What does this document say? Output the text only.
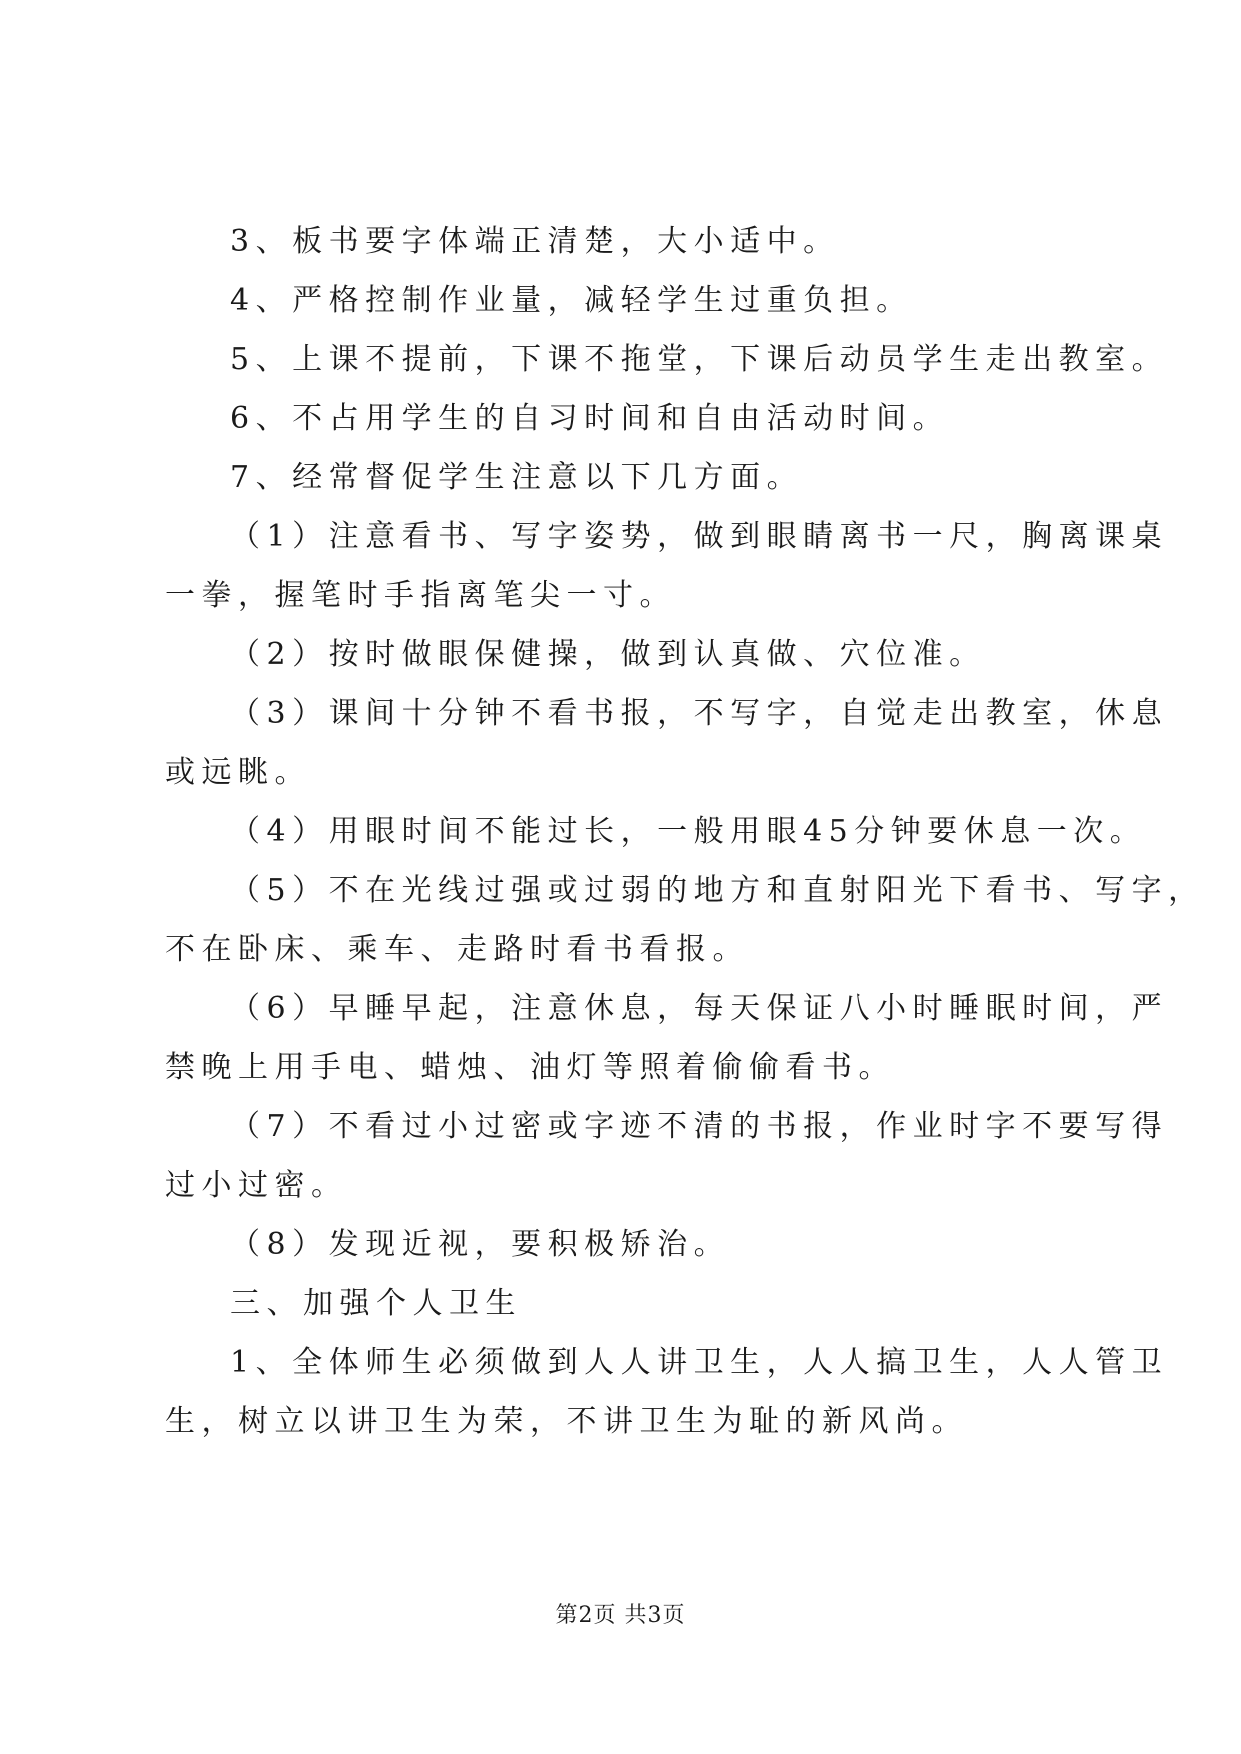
3、板书要字体端正清楚，大小适中。
4、严格控制作业量，减轻学生过重负担。
5、上课不提前，下课不拖堂，下课后动员学生走出教室。
6、不占用学生的自习时间和自由活动时间。
7、经常督促学生注意以下几方面。
（1）注意看书、写字姿势，做到眼睛离书一尺，胸离课桌
一拳，握笔时手指离笔尖一寸。
（2）按时做眼保健操，做到认真做、穴位准。
（3）课间十分钟不看书报，不写字，自觉走出教室，休息
或远眺。
（4）用眼时间不能过长，一般用眼45分钟要休息一次。
（5）不在光线过强或过弱的地方和直射阳光下看书、写字，
不在卧床、乘车、走路时看书看报。
（6）早睡早起，注意休息，每天保证八小时睡眠时间，严
禁晚上用手电、蜡烛、油灯等照着偷偷看书。
（7）不看过小过密或字迹不清的书报，作业时字不要写得
过小过密。
（8）发现近视，要积极矫治。
三、加强个人卫生
1、全体师生必须做到人人讲卫生，人人搞卫生，人人管卫
生，树立以讲卫生为荣，不讲卫生为耻的新风尚。
第2页 共3页
